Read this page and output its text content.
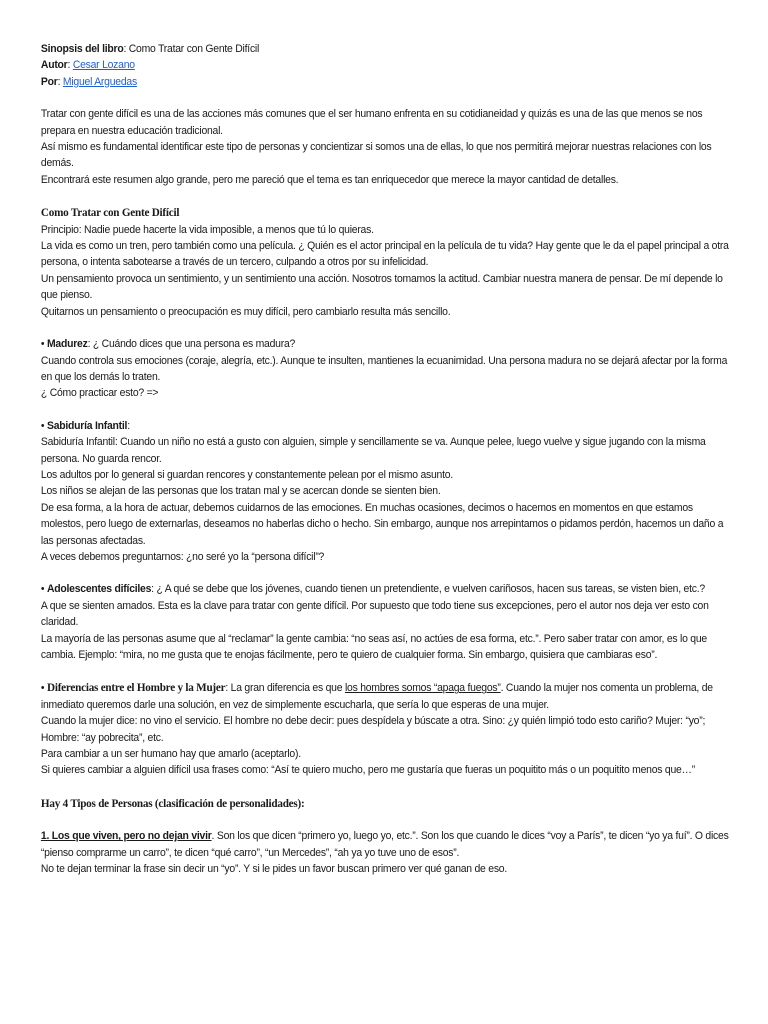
Sinopsis del libro: Como Tratar con Gente Difícil

Autor: Cesar Lozano

Por: Miguel Arguedas

Tratar con gente difícil es una de las acciones más comunes que el ser humano enfrenta en su cotidianeidad y quizás es una de las que menos se nos prepara en nuestra educación tradicional.

Así mismo es fundamental identificar este tipo de personas y concientizar si somos una de ellas, lo que nos permitirá mejorar nuestras relaciones con los demás.

Encontrará este resumen algo grande, pero me pareció que el tema es tan enriquecedor que merece la mayor cantidad de detalles.

Como Tratar con Gente Difícil

Principio: Nadie puede hacerte la vida imposible, a menos que tú lo quieras.

La vida es como un tren, pero también como una película. ¿ Quién es el actor principal en la película de tu vida? Hay gente que le da el papel principal a otra persona, o intenta sabotearse a través de un tercero, culpando a otros por su infelicidad.

Un pensamiento provoca un sentimiento, y un sentimiento una acción. Nosotros tomamos la actitud. Cambiar nuestra manera de pensar. De mí depende lo que pienso.

Quitarnos un pensamiento o preocupación es muy difícil, pero cambiarlo resulta más sencillo.

• Madurez: ¿ Cuándo dices que una persona es madura?

Cuando controla sus emociones (coraje, alegría, etc.). Aunque te insulten, mantienes la ecuanimidad. Una persona madura no se dejará afectar por la forma en que los demás lo traten.

¿ Cómo practicar esto? =>

• Sabiduría Infantil:

Sabiduría Infantil: Cuando un niño no está a gusto con alguien, simple y sencillamente se va. Aunque pelee, luego vuelve y sigue jugando con la misma persona. No guarda rencor.

Los adultos por lo general si guardan rencores y constantemente pelean por el mismo asunto.

Los niños se alejan de las personas que los tratan mal y se acercan donde se sienten bien.

De esa forma, a la hora de actuar, debemos cuidarnos de las emociones. En muchas ocasiones, decimos o hacemos en momentos en que estamos molestos, pero luego de externarlas, deseamos no haberlas dicho o hecho. Sin embargo, aunque nos arrepintamos o pidamos perdón, hacemos un daño a las personas afectadas.

A veces debemos preguntarnos: ¿no seré yo la “persona difícil”?

• Adolescentes difíciles: ¿ A qué se debe que los jóvenes, cuando tienen un pretendiente, e vuelven cariñosos, hacen sus tareas, se visten bien, etc.?

A que se sienten amados. Esta es la clave para tratar con gente difícil. Por supuesto que todo tiene sus excepciones, pero el autor nos deja ver esto con claridad.

La mayoría de las personas asume que al “reclamar” la gente cambia: “no seas así, no actúes de esa forma, etc.”. Pero saber tratar con amor, es lo que cambia. Ejemplo: “mira, no me gusta que te enojas fácilmente, pero te quiero de cualquier forma. Sin embargo, quisiera que cambiaras eso”.

• Diferencias entre el Hombre y la Mujer: La gran diferencia es que los hombres somos “apaga fuegos”. Cuando la mujer nos comenta un problema, de inmediato queremos darle una solución, en vez de simplemente escucharla, que sería lo que esperas de una mujer.

Cuando la mujer dice: no vino el servicio. El hombre no debe decir: pues despídela y búscate a otra. Sino: ¿y quién limpió todo esto cariño? Mujer: “yo”; Hombre: “ay pobrecita”, etc.

Para cambiar a un ser humano hay que amarlo (aceptarlo).

Si quieres cambiar a alguien difícil usa frases como: “Así te quiero mucho, pero me gustaría que fueras un poquitito más o un poquitito menos que…”

Hay 4 Tipos de Personas (clasificación de personalidades):

1. Los que viven, pero no dejan vivir. Son los que dicen “primero yo, luego yo, etc.”. Son los que cuando le dices “voy a París”, te dicen “yo ya fuí”. O dices “pienso comprarme un carro”, te dicen “qué carro”, “un Mercedes”, “ah ya yo tuve uno de esos”.

No te dejan terminar la frase sin decir un “yo”. Y si le pides un favor buscan primero ver qué ganan de eso.
